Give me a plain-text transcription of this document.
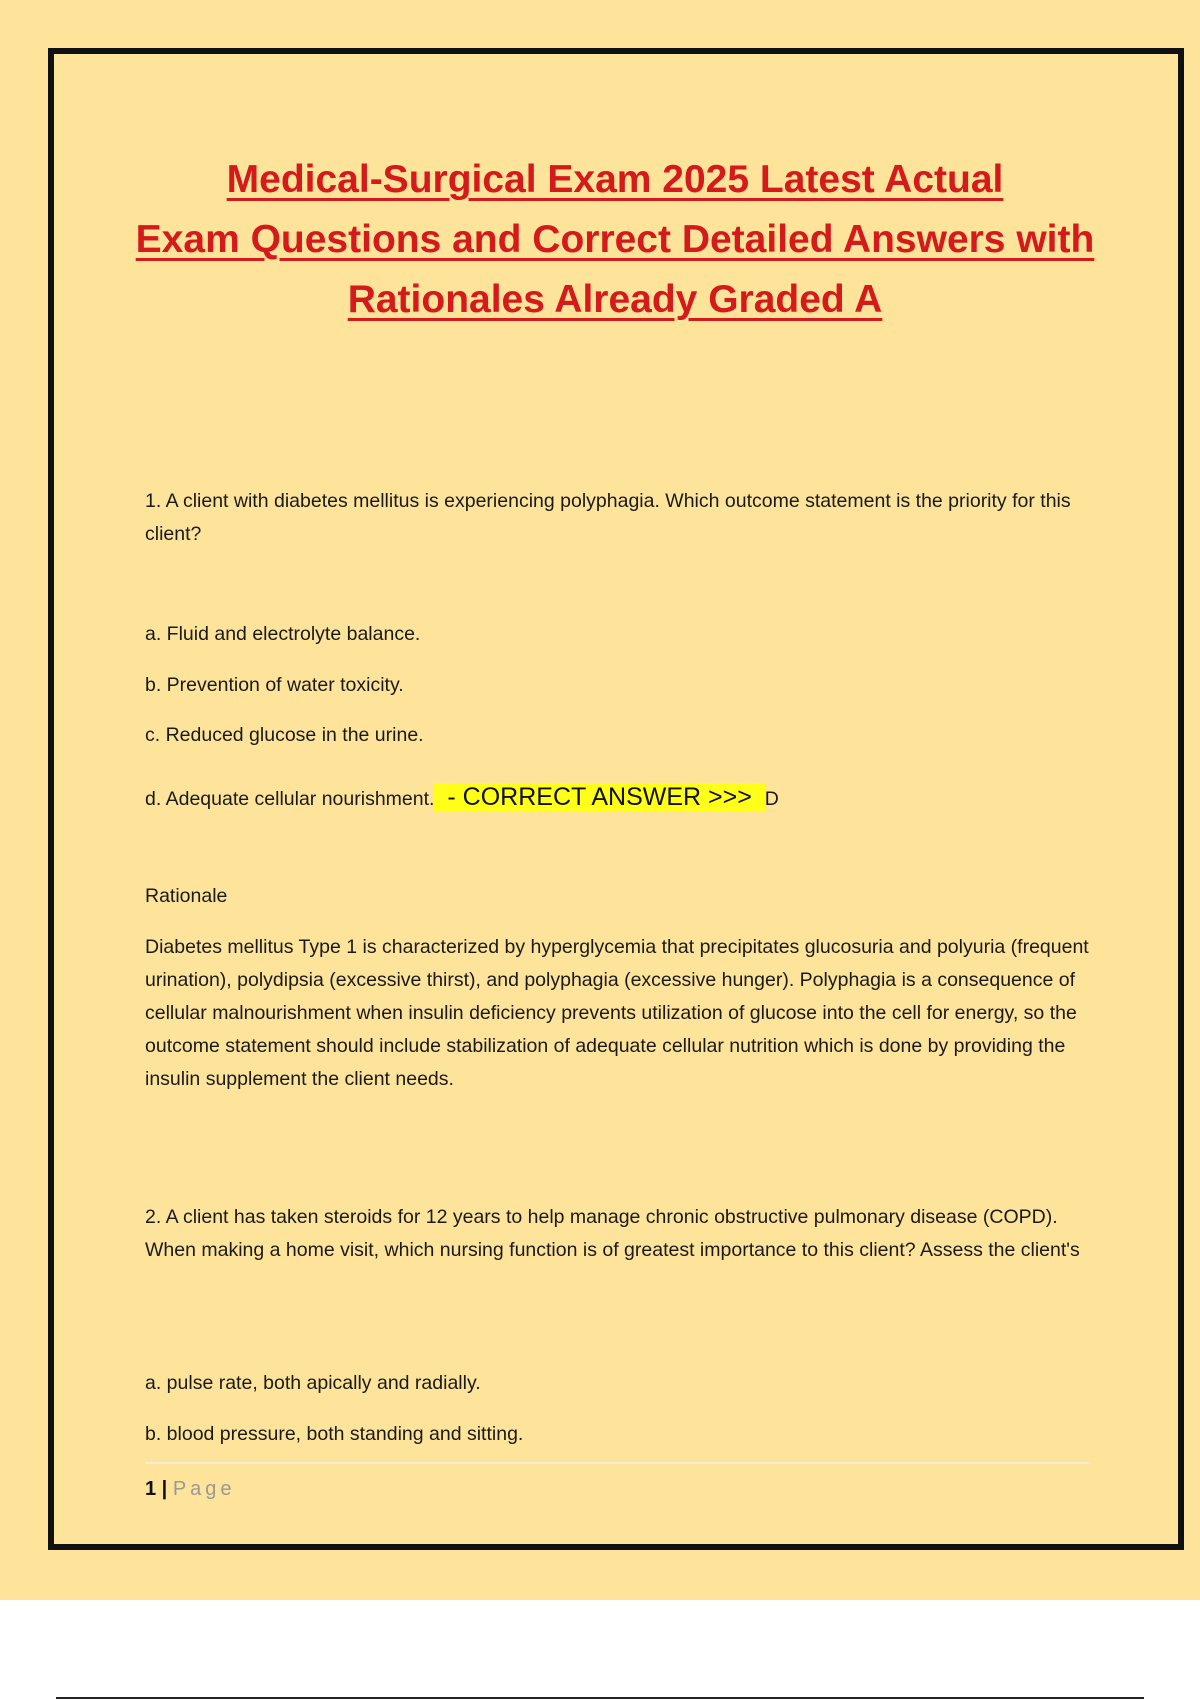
Medical-Surgical Exam 2025 Latest Actual
Exam Questions and Correct Detailed Answers with
Rationales Already Graded A
1. A client with diabetes mellitus is experiencing polyphagia. Which outcome statement is the priority for this client?
a. Fluid and electrolyte balance.
b. Prevention of water toxicity.
c. Reduced glucose in the urine.
d. Adequate cellular nourishment. - CORRECT ANSWER >>> D
Rationale
Diabetes mellitus Type 1 is characterized by hyperglycemia that precipitates glucosuria and polyuria (frequent urination), polydipsia (excessive thirst), and polyphagia (excessive hunger). Polyphagia is a consequence of cellular malnourishment when insulin deficiency prevents utilization of glucose into the cell for energy, so the outcome statement should include stabilization of adequate cellular nutrition which is done by providing the insulin supplement the client needs.
2. A client has taken steroids for 12 years to help manage chronic obstructive pulmonary disease (COPD). When making a home visit, which nursing function is of greatest importance to this client? Assess the client's
a. pulse rate, both apically and radially.
b. blood pressure, both standing and sitting.
1 | Page
